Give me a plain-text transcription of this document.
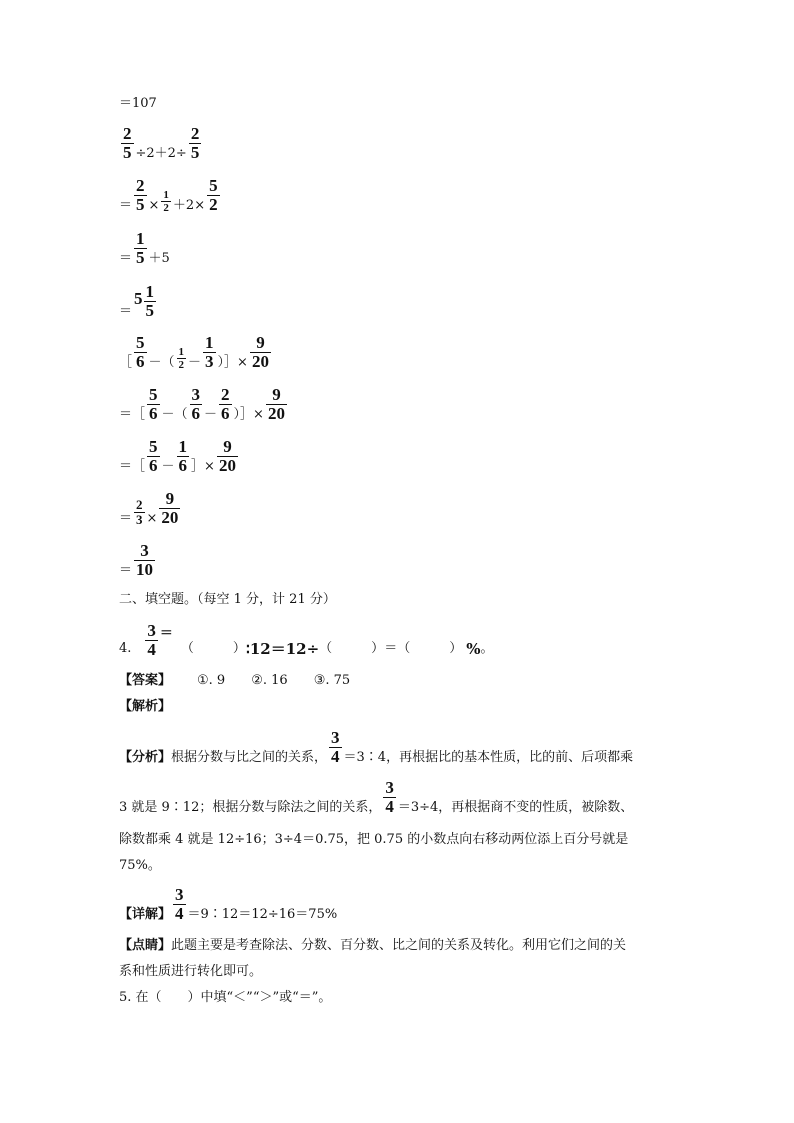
＝107
$\frac{2}{5} \div 2+2\div \frac{2}{5}$
＝ $\frac{2}{5} \times \frac{1}{2} +2\times \frac{5}{2}$
＝ $\frac{1}{5} +5$
＝
$5 \frac{1}{5}$
［ $\frac{5}{6}$ －（ $\frac{1}{2} - \frac{1}{3}$ ）］× $\frac{9}{20}$
＝［ $\frac{5}{6}$ －（ $\frac{3}{6} - \frac{2}{6}$ ）］× $\frac{9}{20}$
＝［ $\frac{5}{6} - \frac{1}{6}$ ］× $\frac{9}{20}$
＝ $\frac{2}{3} \times \frac{9}{20}$
＝ $\frac{3}{10}$
二、填空题。（每空 1 分，计 21 分）
4. $\frac{3}{4}$ ＝
（　　　） ∶12＝12÷ （　　　） ＝ （　　　） % 。
【答案】 ①. 9 ②. 16 ③. 75
【解析】
【分析】 根据分数与比之间的关系， $\frac{3}{4}$ ＝3∶4，再根据比的基本性质，比的前、后项都乘
3 就是 9∶12；根据分数与除法之间的关系， $\frac{3}{4} =3\div 4$，再根据商不变的性质，被除数、
除数都乘 4 就是 12÷16；3÷4＝0.75，把 0.75 的小数点向右移动两位添上百分号就是
75%。
【详解】 $\frac{3}{4}$ ＝9∶12＝12÷16＝75%
【点睛】 此题主要是考查除法、分数、百分数、比之间的关系及转化。利用它们之间的关
系和性质进行转化即可。
5. 在（　　）中填“＜”“＞”或“＝”。
